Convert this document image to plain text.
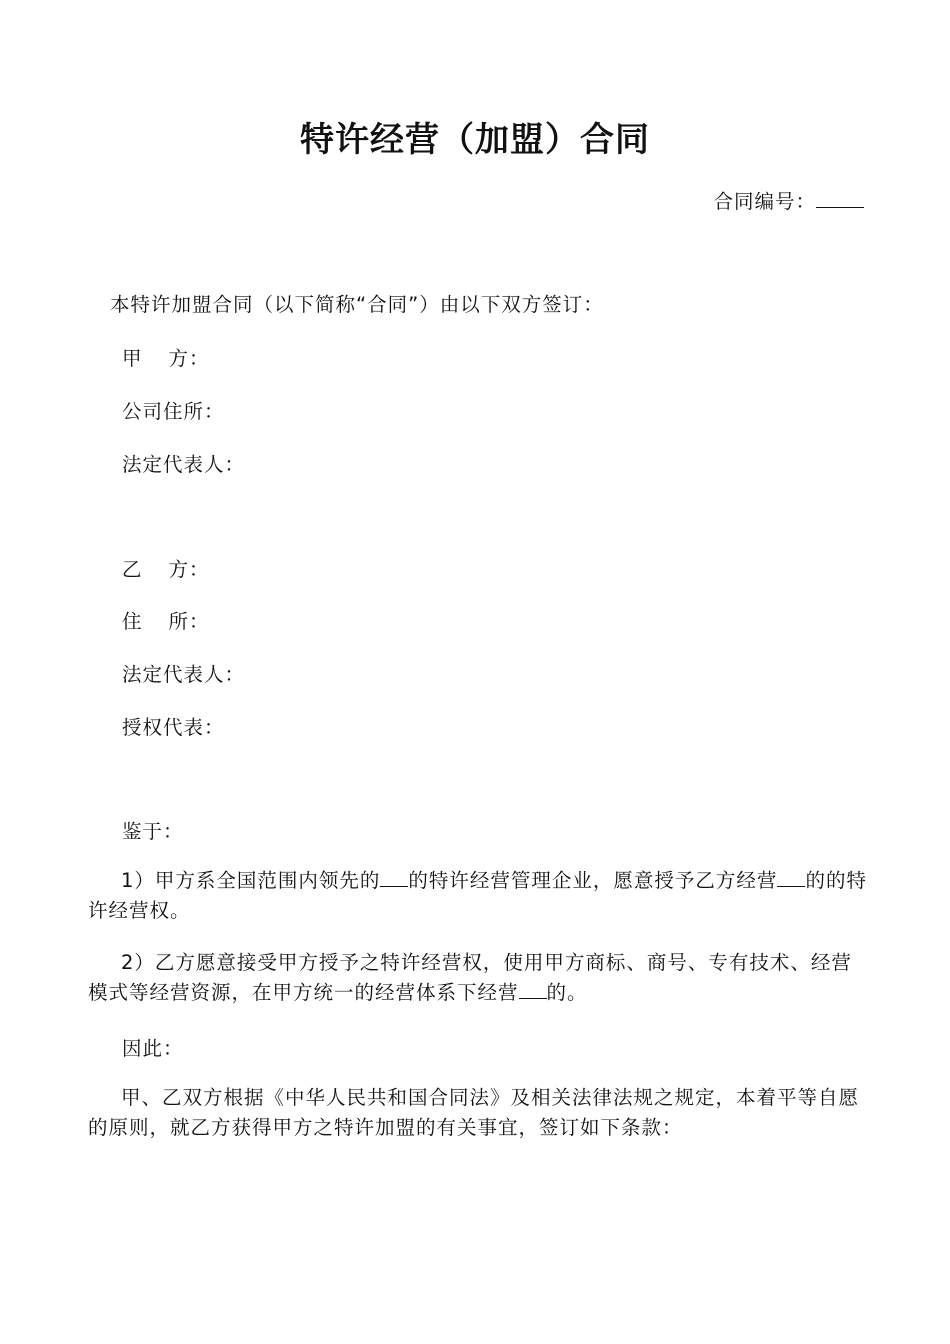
特许经营（加盟）合同
合同编号：
本特许加盟合同（以下简称“合同”）由以下双方签订：
甲方：
公司住所：
法定代表人：
乙方：
住所：
法定代表人：
授权代表：
鉴于：
1）甲方系全国范围内领先的 的特许经营管理企业，愿意授予乙方经营 的的特许经营权。
2）乙方愿意接受甲方授予之特许经营权，使用甲方商标、商号、专有技术、经营模式等经营资源，在甲方统一的经营体系下经营 的。
因此：
甲、乙双方根据《中华人民共和国合同法》及相关法律法规之规定，本着平等自愿的原则，就乙方获得甲方之特许加盟的有关事宜，签订如下条款：
